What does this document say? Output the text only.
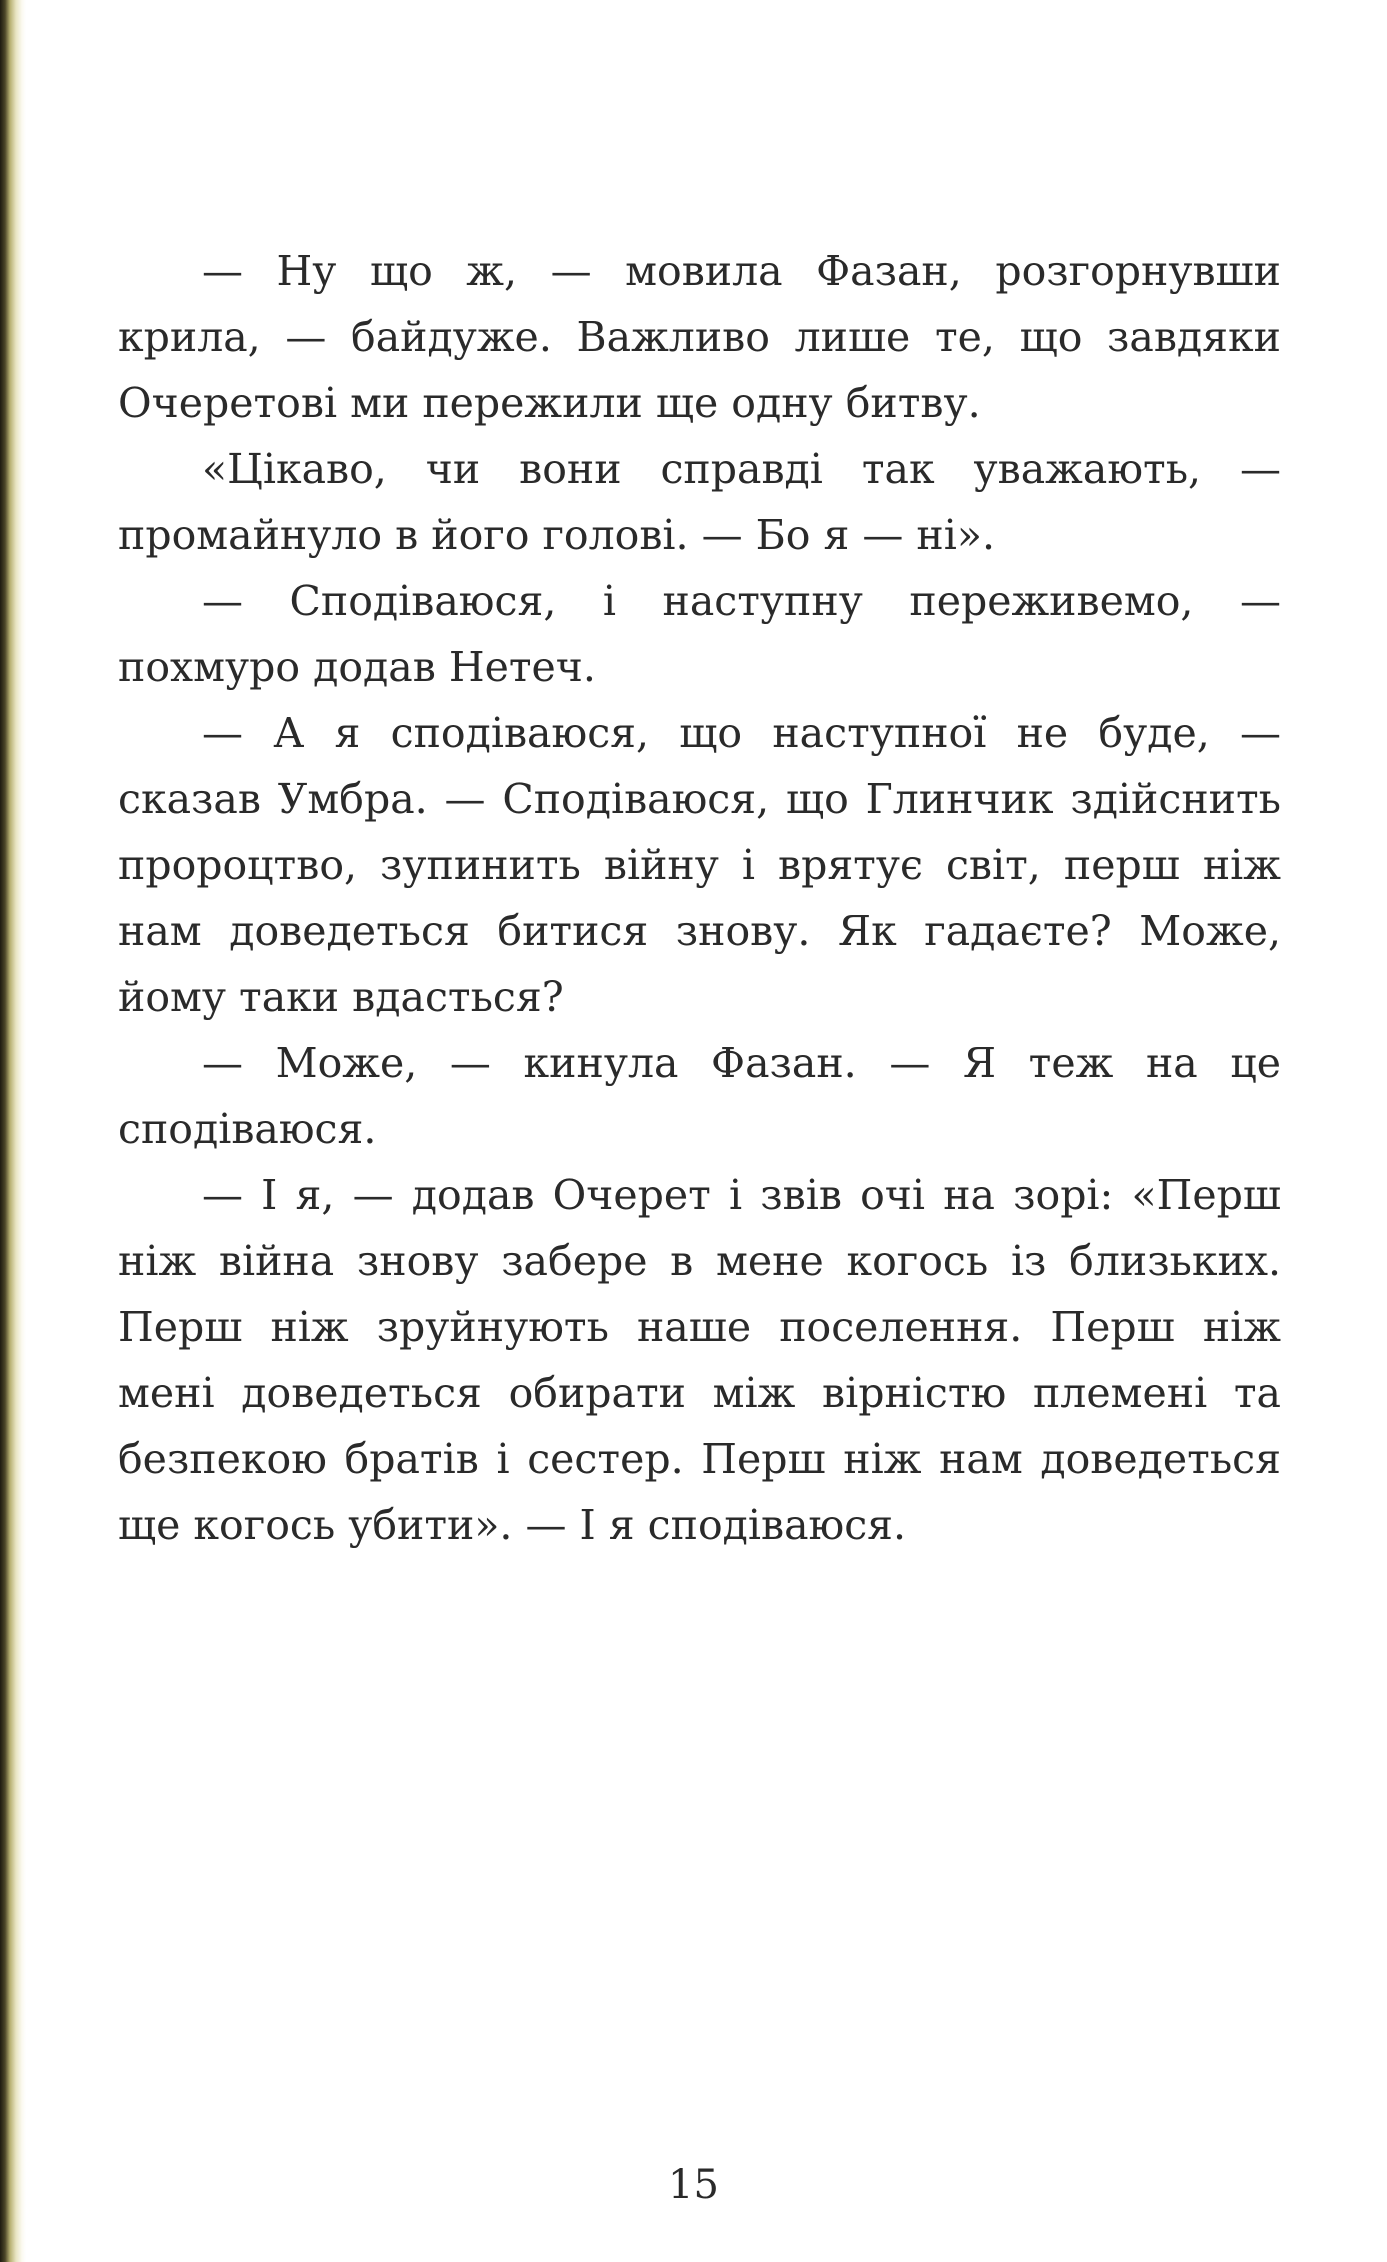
— Ну що ж, — мовила Фазан, розгорнувши крила, — байдуже. Важливо лише те, що завдяки Очеретові ми пережили ще одну битву.

«Цікаво, чи вони справді так уважають, — промайнуло в його голові. — Бо я — ні».

— Сподіваюся, і наступну переживемо, — похмуро додав Нетеч.

— А я сподіваюся, що наступної не буде, — сказав Умбра. — Сподіваюся, що Глинчик здійснить пророцтво, зупинить війну і врятує світ, перш ніж нам доведеться битися знову. Як гадаєте? Може, йому таки вдасться?

— Може, — кинула Фазан. — Я теж на це сподіваюся.

— І я, — додав Очерет і звів очі на зорі: «Перш ніж війна знову забере в мене когось із близьких. Перш ніж зруйнують наше поселення. Перш ніж мені доведеться обирати між вірністю племені та безпекою братів і сестер. Перш ніж нам доведеться ще когось убити». — І я сподіваюся.

15
